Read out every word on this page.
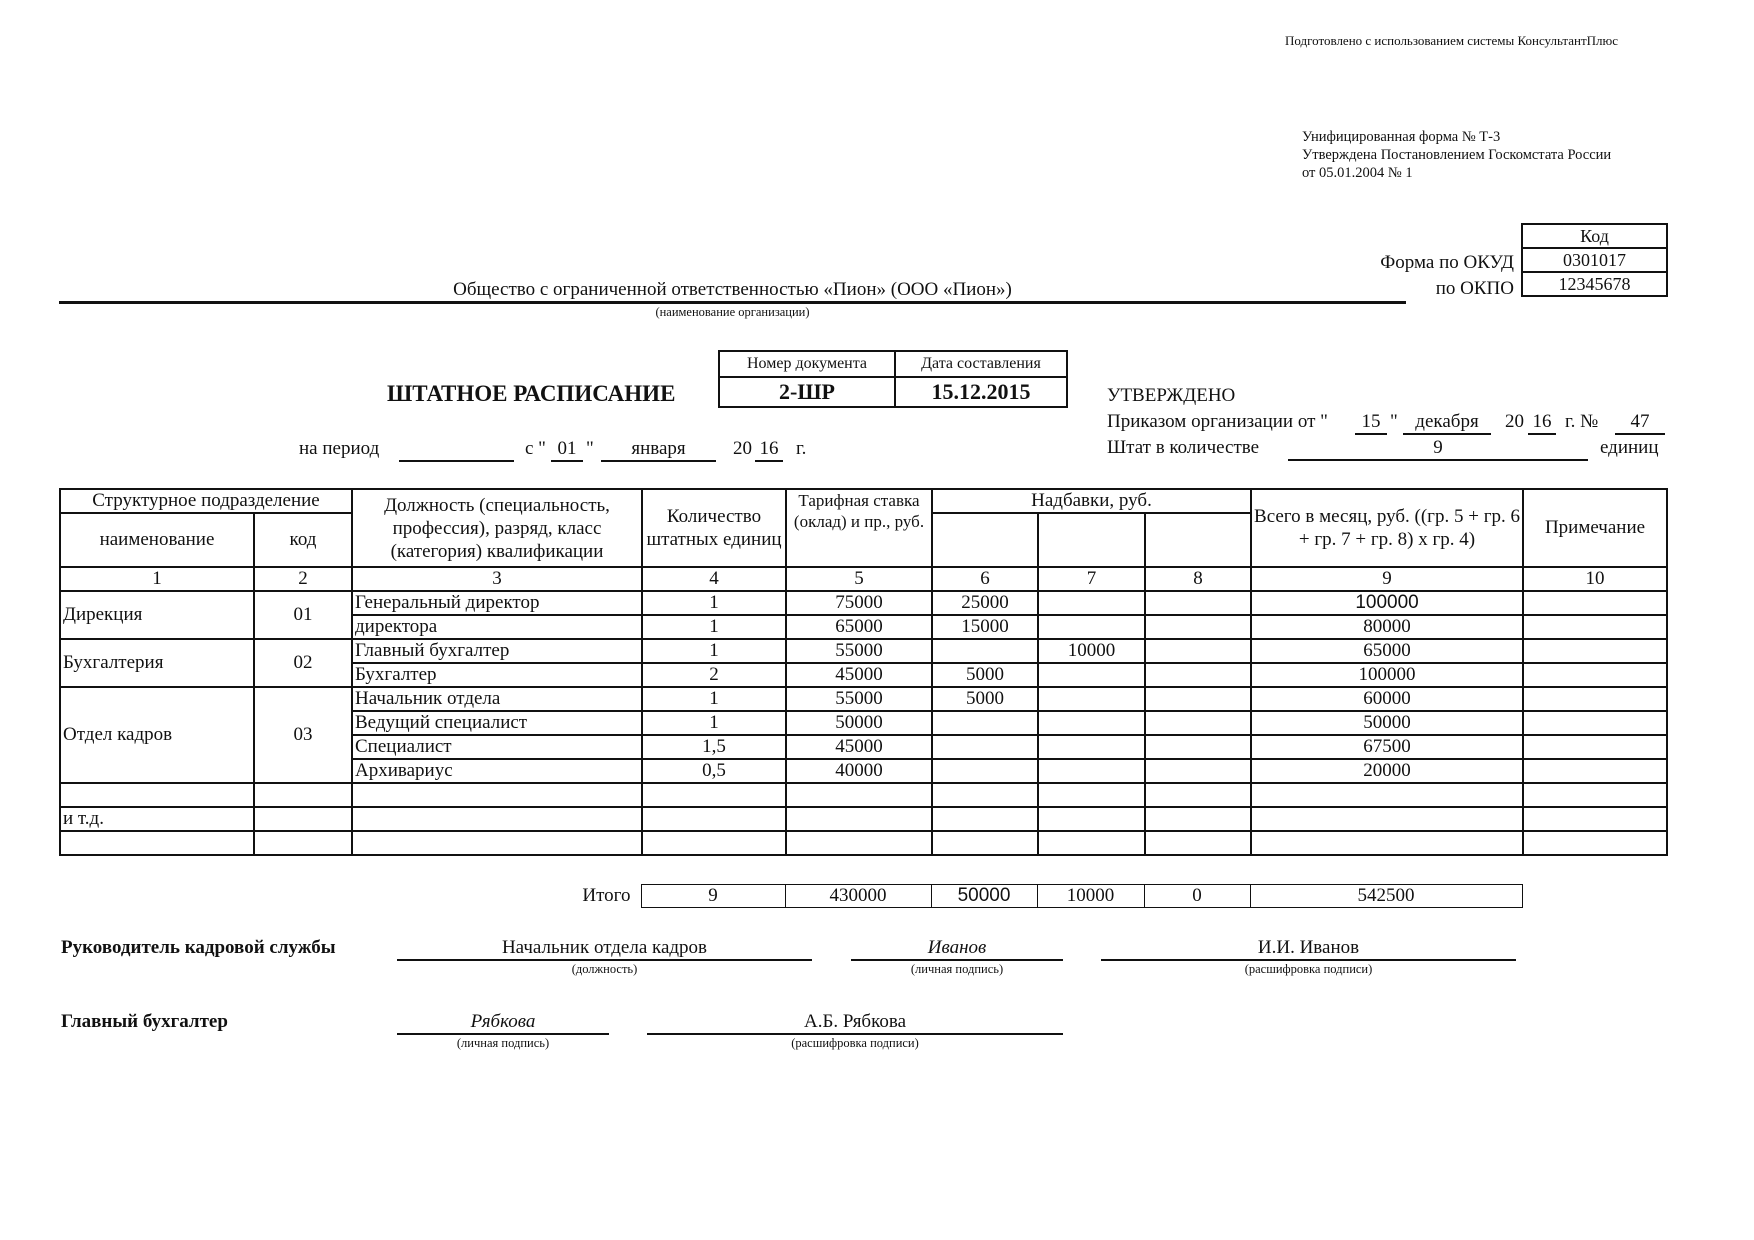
Подготовлено с использованием системы КонсультантПлюс
Унифицированная форма № Т-3
Утверждена Постановлением Госкомстата России
от 05.01.2004 № 1
Код
0301017
12345678
Форма по ОКУД
по ОКПО
Общество с ограниченной ответственностью «Пион» (ООО «Пион»)
(наименование организации)
ШТАТНОЕ РАСПИСАНИЕ
Номер документа	Дата составления
2-ШР	15.12.2015
на период	с " 01 "	января	20 16 г.
УТВЕРЖДЕНО
Приказом организации от "	15 " декабря	20 16 г. №	47
Штат в количестве	9	единиц
Структурное подразделение		Должность (специальность, профессия), разряд, класс (категория) квалификации	Количество штатных единиц	Тарифная ставка (оклад) и пр., руб.	Надбавки, руб.			Всего в месяц, руб. ((гр. 5 + гр. 6 + гр. 7 + гр. 8) х гр. 4)	Примечание
наименование	код								
1	2	3	4	5	6	7	8	9	10
Дирекция	01	Генеральный директор	1	75000	25000			100000	
		директора	1	65000	15000			80000	
Бухгалтерия	02	Главный бухгалтер	1	55000		10000		65000	
		Бухгалтер	2	45000	5000			100000	
Отдел кадров	03	Начальник отдела	1	55000	5000			60000	
		Ведущий специалист	1	50000				50000	
		Специалист	1,5	45000				67500	
		Архивариус	0,5	40000				20000	

и т.д.									

Итого	9	430000	50000	10000	0	542500
Руководитель кадровой службы	Начальник отдела кадров
(должность)
Иванов
(личная подпись)
И.И. Иванов
(расшифровка подписи)
Главный бухгалтер	Рябкова
(личная подпись)
А.Б. Рябкова
(расшифровка подписи)
